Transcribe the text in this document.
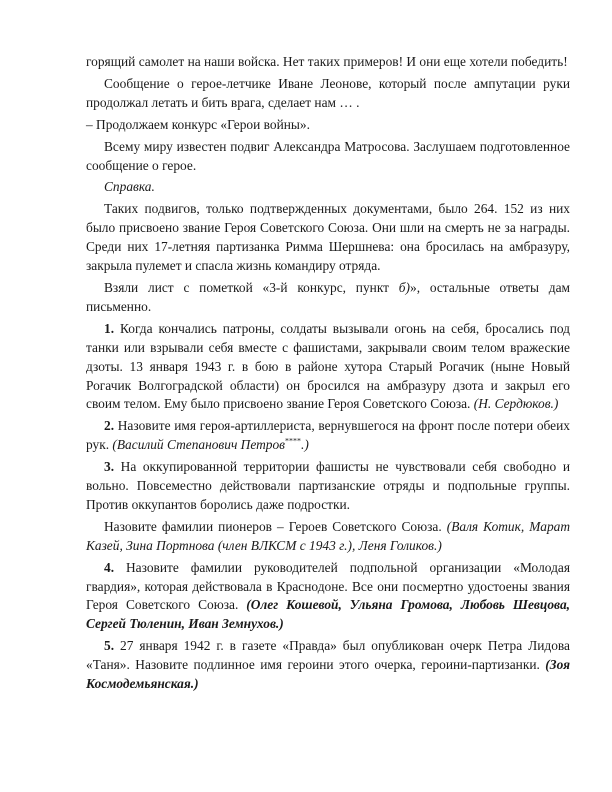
горящий самолет на наши войска. Нет таких примеров! И они еще хотели победить!

Сообщение о герое-летчике Иване Леонове, который после ампутации руки продолжал летать и бить врага, сделает нам … .

– Продолжаем конкурс «Герои войны».

Всему миру известен подвиг Александра Матросова. Заслушаем подготовленное сообщение о герое.

Справка.

Таких подвигов, только подтвержденных документами, было 264. 152 из них было присвоено звание Героя Советского Союза. Они шли на смерть не за награды. Среди них 17-летняя партизанка Римма Шершнева: она бросилась на амбразуру, закрыла пулемет и спасла жизнь командиру отряда.

Взяли лист с пометкой «3-й конкурс, пункт б)», остальные ответы дам письменно.

1. Когда кончались патроны, солдаты вызывали огонь на себя, бросались под танки или взрывали себя вместе с фашистами, закрывали своим телом вражеские дзоты. 13 января 1943 г. в бою в районе хутора Старый Рогачик (ныне Новый Рогачик Волгоградской области) он бросился на амбразуру дзота и закрыл его своим телом. Ему было присвоено звание Героя Советского Союза. (Н. Сердюков.)

2. Назовите имя героя-артиллериста, вернувшегося на фронт после потери обеих рук. (Василий Степанович Петров****.)

3. На оккупированной территории фашисты не чувствовали себя свободно и вольно. Повсеместно действовали партизанские отряды и подпольные группы. Против оккупантов боролись даже подростки.

Назовите фамилии пионеров – Героев Советского Союза. (Валя Котик, Марат Казей, Зина Портнова (член ВЛКСМ с 1943 г.), Леня Голиков.)

4. Назовите фамилии руководителей подпольной организации «Молодая гвардия», которая действовала в Краснодоне. Все они посмертно удостоены звания Героя Советского Союза. (Олег Кошевой, Ульяна Громова, Любовь Шевцова, Сергей Тюленин, Иван Земнухов.)

5. 27 января 1942 г. в газете «Правда» был опубликован очерк Петра Лидова «Таня». Назовите подлинное имя героини этого очерка, героини-партизанки. (Зоя Космодемьянская.)
